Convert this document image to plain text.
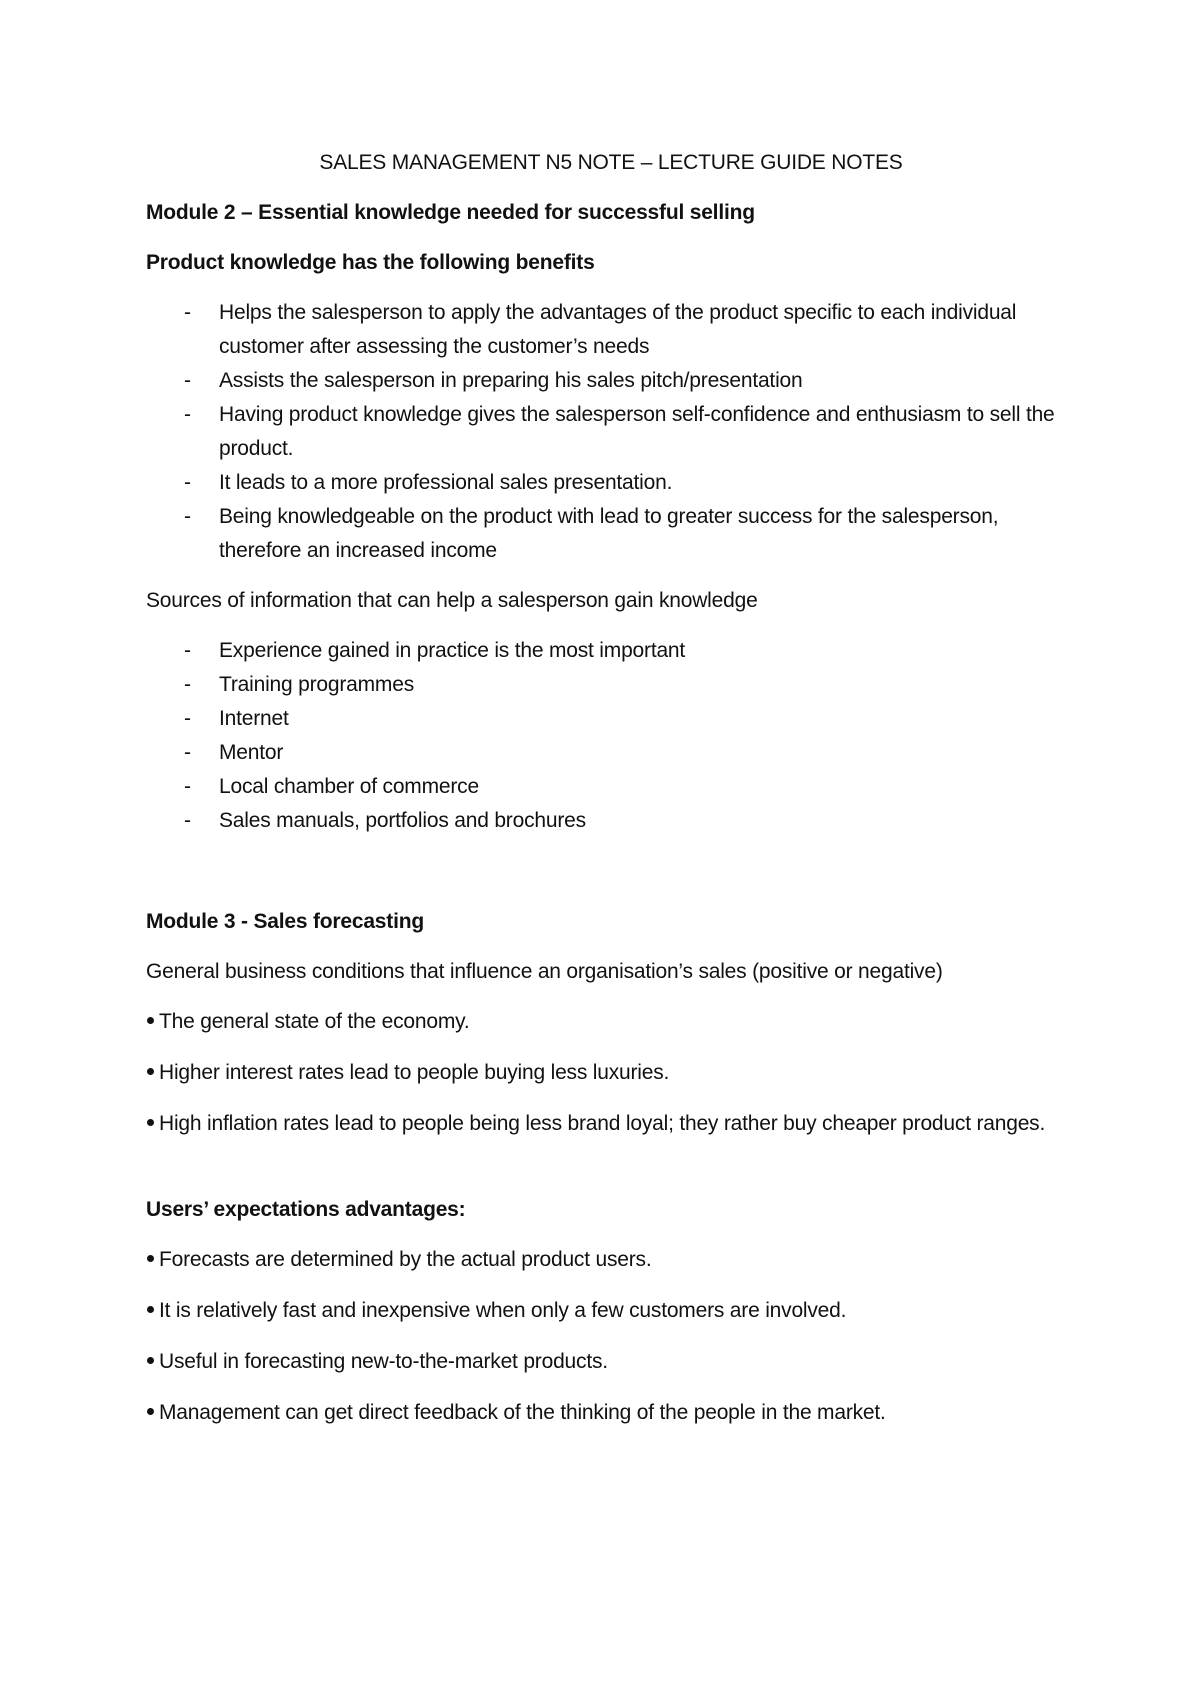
SALES MANAGEMENT N5 NOTE – LECTURE GUIDE NOTES
Module 2 – Essential knowledge needed for successful selling
Product knowledge has the following benefits
- Helps the salesperson to apply the advantages of the product specific to each individual customer after assessing the customer’s needs
- Assists the salesperson in preparing his sales pitch/presentation
- Having product knowledge gives the salesperson self-confidence and enthusiasm to sell the product.
- It leads to a more professional sales presentation.
- Being knowledgeable on the product with lead to greater success for the salesperson, therefore an increased income
Sources of information that can help a salesperson gain knowledge
- Experience gained in practice is the most important
- Training programmes
- Internet
- Mentor
- Local chamber of commerce
- Sales manuals, portfolios and brochures
Module 3 - Sales forecasting
General business conditions that influence an organisation’s sales (positive or negative)
The general state of the economy.
Higher interest rates lead to people buying less luxuries.
High inflation rates lead to people being less brand loyal; they rather buy cheaper product ranges.
Users’ expectations advantages:
Forecasts are determined by the actual product users.
It is relatively fast and inexpensive when only a few customers are involved.
Useful in forecasting new-to-the-market products.
Management can get direct feedback of the thinking of the people in the market.
